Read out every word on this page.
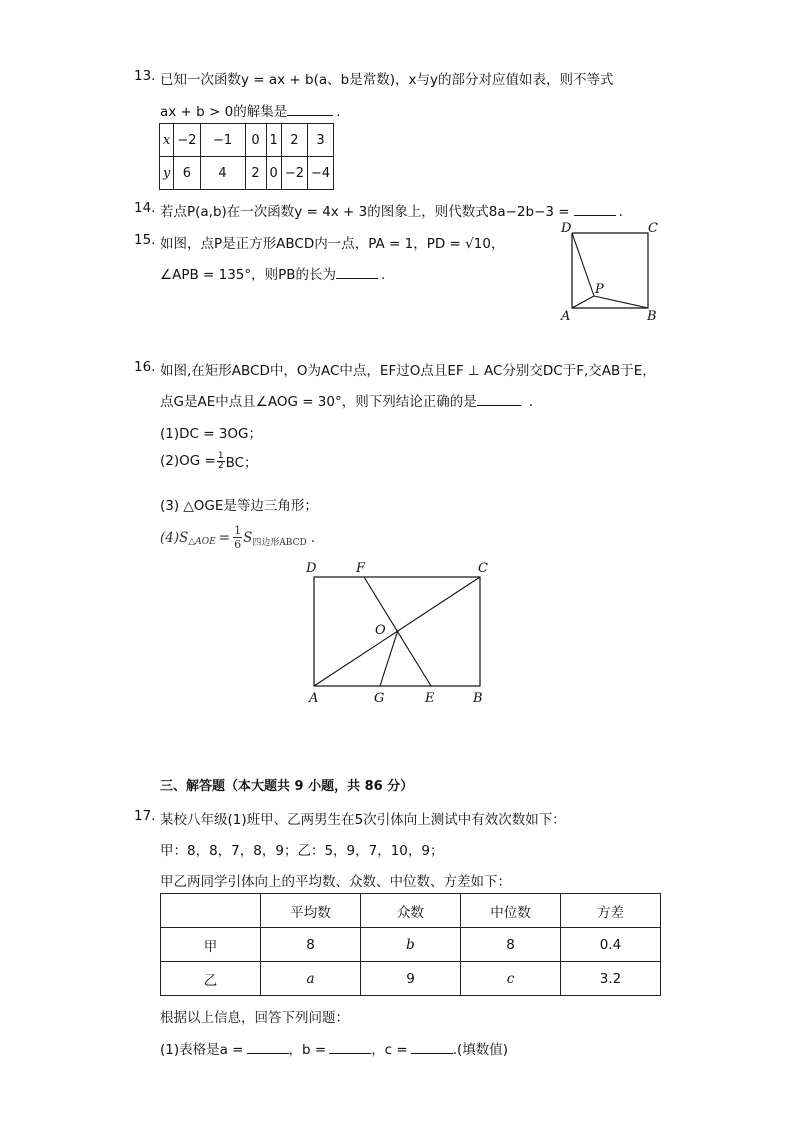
13. 已知一次函数y = ax + b(a、b是常数)，x与y的部分对应值如表，则不等式
ax + b > 0的解集是	.
x	−2	−1	0	1	2	3
y	6	4	2	0	−2	−4
14. 若点P(a,b)在一次函数y = 4x + 3的图象上，则代数式8a−2b−3 =	.
15. 如图，点P是正方形ABCD内一点，PA = 1，PD = √10，
∠APB = 135°，则PB的长为	.
D	C
P
A	B
16. 如图,在矩形ABCD中，O为AC中点，EF过O点且EF ⊥ AC分别交DC于F,交AB于E，
点G是AE中点且∠AOG = 30°，则下列结论正确的是	.
(1)DC = 3OG；
$(2)OG = \frac{1}{2}$ BC；
(3) △OGE是等边三角形；
(4)S △AOE = $\frac{1}{6}$ S 四边形ABCD .
D	F	C
O
A	G	E	B
三、解答题（本大题共 9 小题，共 86 分）
17. 某校八年级(1)班甲、乙两男生在5次引体向上测试中有效次数如下：
甲：8，8，7，8，9；乙：5，9，7，10，9；
甲乙两同学引体向上的平均数、众数、中位数、方差如下：
	平均数	众数	中位数	方差
甲	8	b	8	0.4
乙	a	9	c	3.2
根据以上信息，回答下列问题：
(1)表格是a =	，b =	，c =	.(填数值)
